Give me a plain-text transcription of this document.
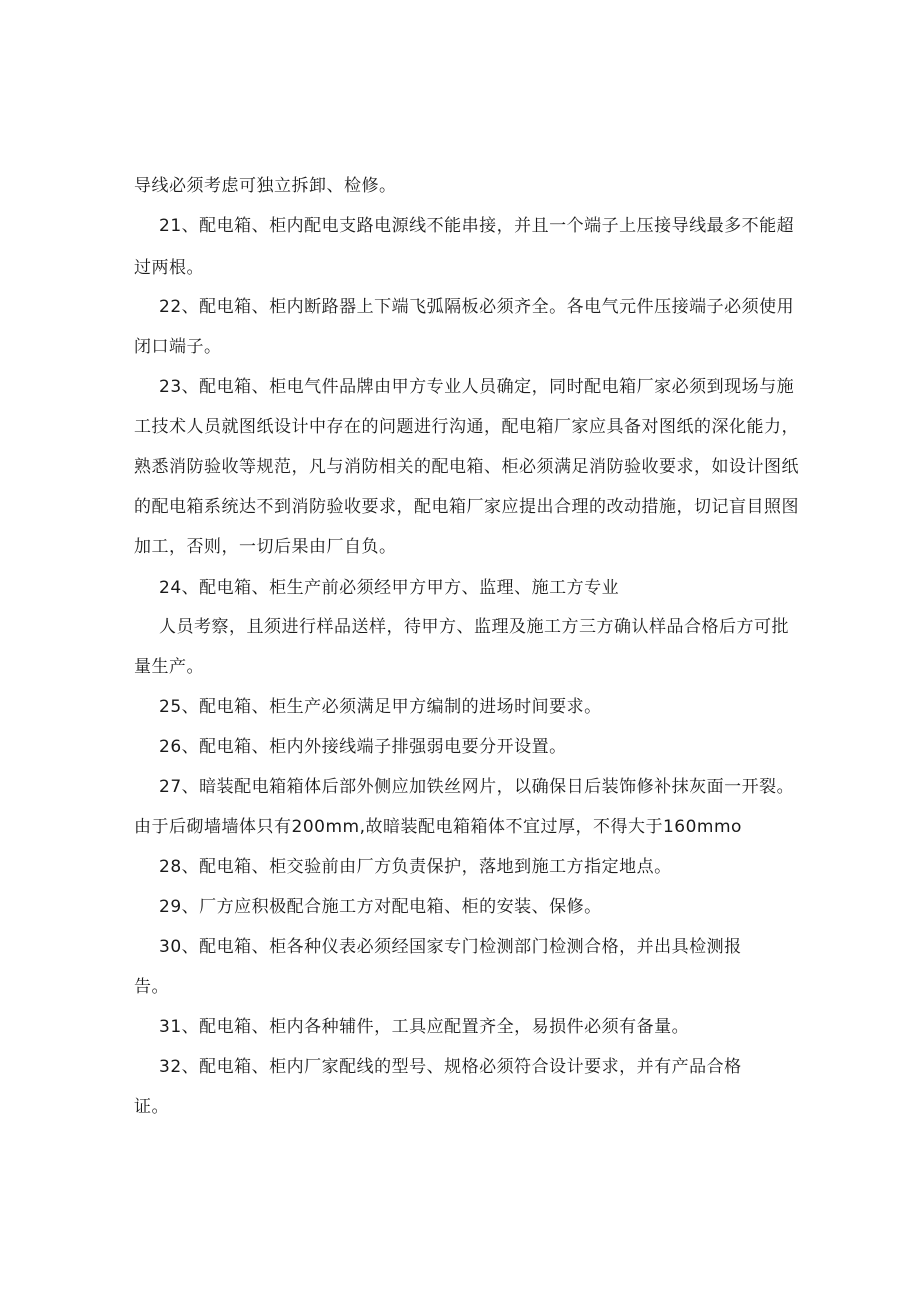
导线必须考虑可独立拆卸、检修。
21、配电箱、柜内配电支路电源线不能串接，并且一个端子上压接导线最多不能超
过两根。
22、配电箱、柜内断路器上下端飞弧隔板必须齐全。各电气元件压接端子必须使用
闭口端子。
23、配电箱、柜电气件品牌由甲方专业人员确定，同时配电箱厂家必须到现场与施
工技术人员就图纸设计中存在的问题进行沟通，配电箱厂家应具备对图纸的深化能力，
熟悉消防验收等规范，凡与消防相关的配电箱、柜必须满足消防验收要求，如设计图纸
的配电箱系统达不到消防验收要求，配电箱厂家应提出合理的改动措施，切记盲目照图
加工，否则，一切后果由厂自负。
24、配电箱、柜生产前必须经甲方甲方、监理、施工方专业
人员考察，且须进行样品送样，待甲方、监理及施工方三方确认样品合格后方可批
量生产。
25、配电箱、柜生产必须满足甲方编制的进场时间要求。
26、配电箱、柜内外接线端子排强弱电要分开设置。
27、暗装配电箱箱体后部外侧应加铁丝网片，以确保日后装饰修补抹灰面一开裂。
由于后砌墙墙体只有200mm,故暗装配电箱箱体不宜过厚，不得大于160mmo
28、配电箱、柜交验前由厂方负责保护，落地到施工方指定地点。
29、厂方应积极配合施工方对配电箱、柜的安装、保修。
30、配电箱、柜各种仪表必须经国家专门检测部门检测合格，并出具检测报
告。
31、配电箱、柜内各种辅件，工具应配置齐全，易损件必须有备量。
32、配电箱、柜内厂家配线的型号、规格必须符合设计要求，并有产品合格
证。
